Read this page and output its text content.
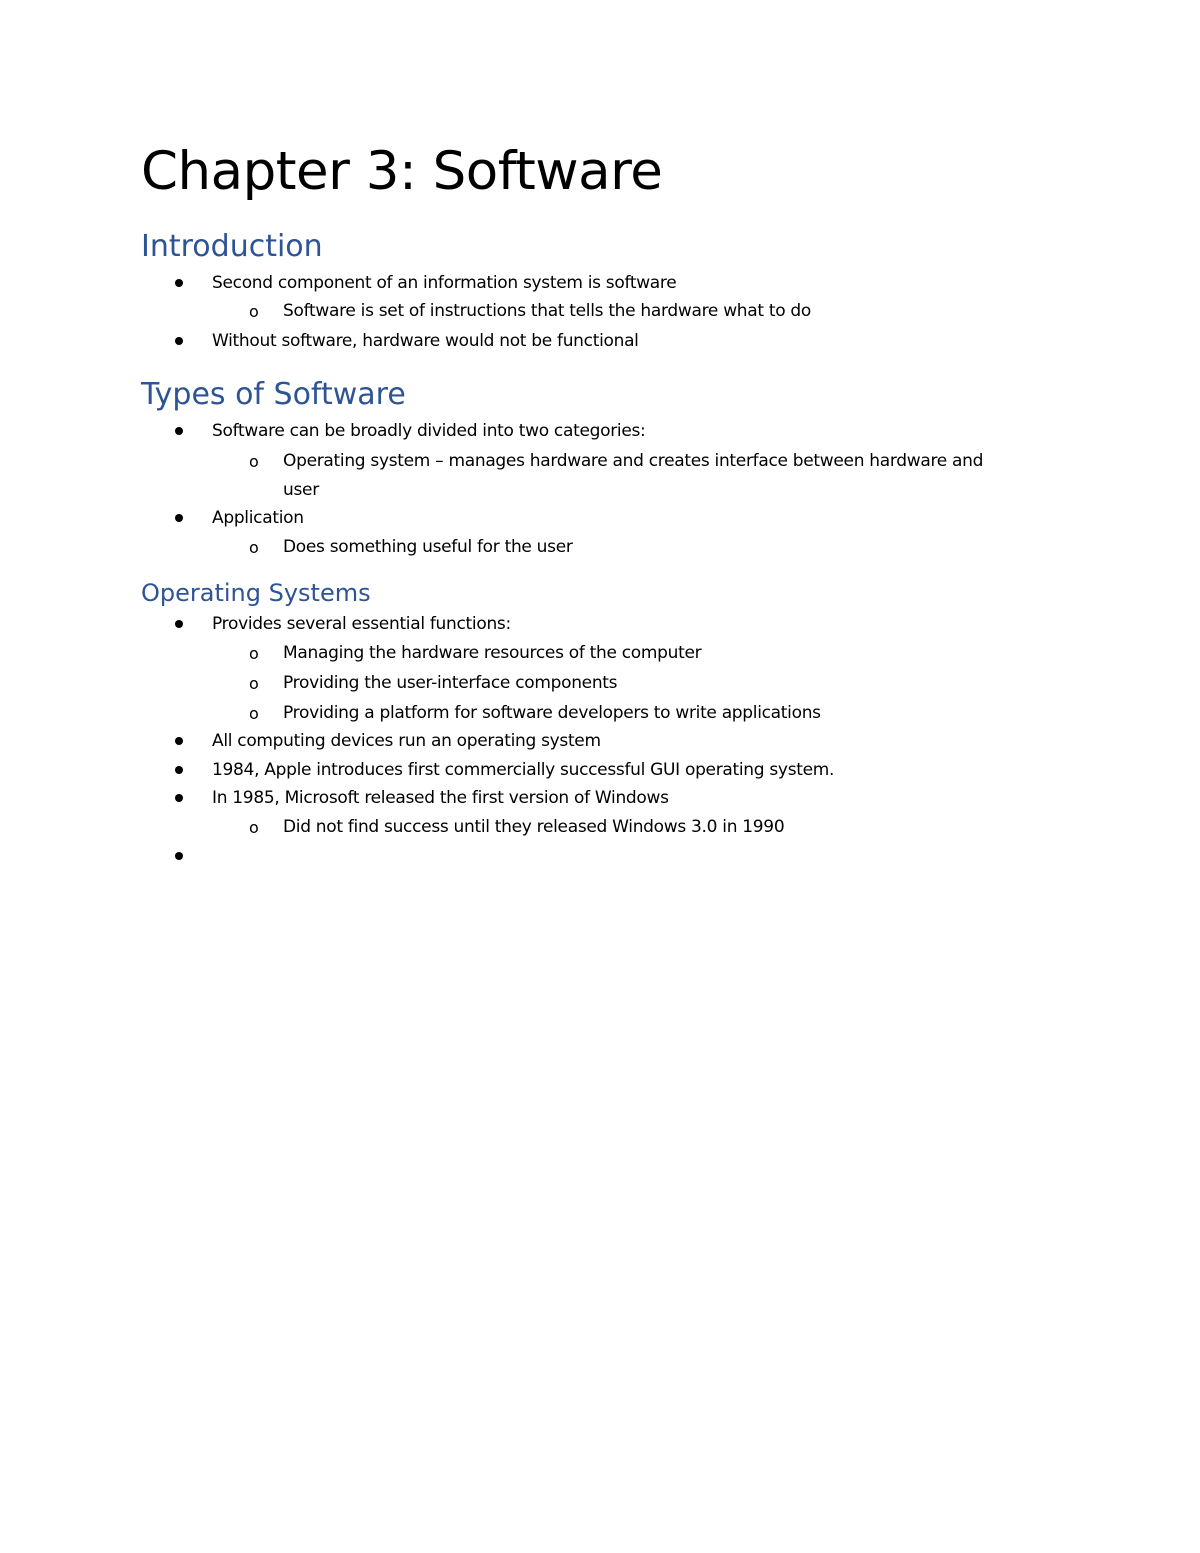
Chapter 3: Software
Introduction
Second component of an information system is software
o Software is set of instructions that tells the hardware what to do
Without software, hardware would not be functional
Types of Software
Software can be broadly divided into two categories:
o Operating system – manages hardware and creates interface between hardware and
user
Application
o Does something useful for the user
Operating Systems
Provides several essential functions:
o Managing the hardware resources of the computer
o Providing the user-interface components
o Providing a platform for software developers to write applications
All computing devices run an operating system
1984, Apple introduces first commercially successful GUI operating system.
In 1985, Microsoft released the first version of Windows
o Did not find success until they released Windows 3.0 in 1990
